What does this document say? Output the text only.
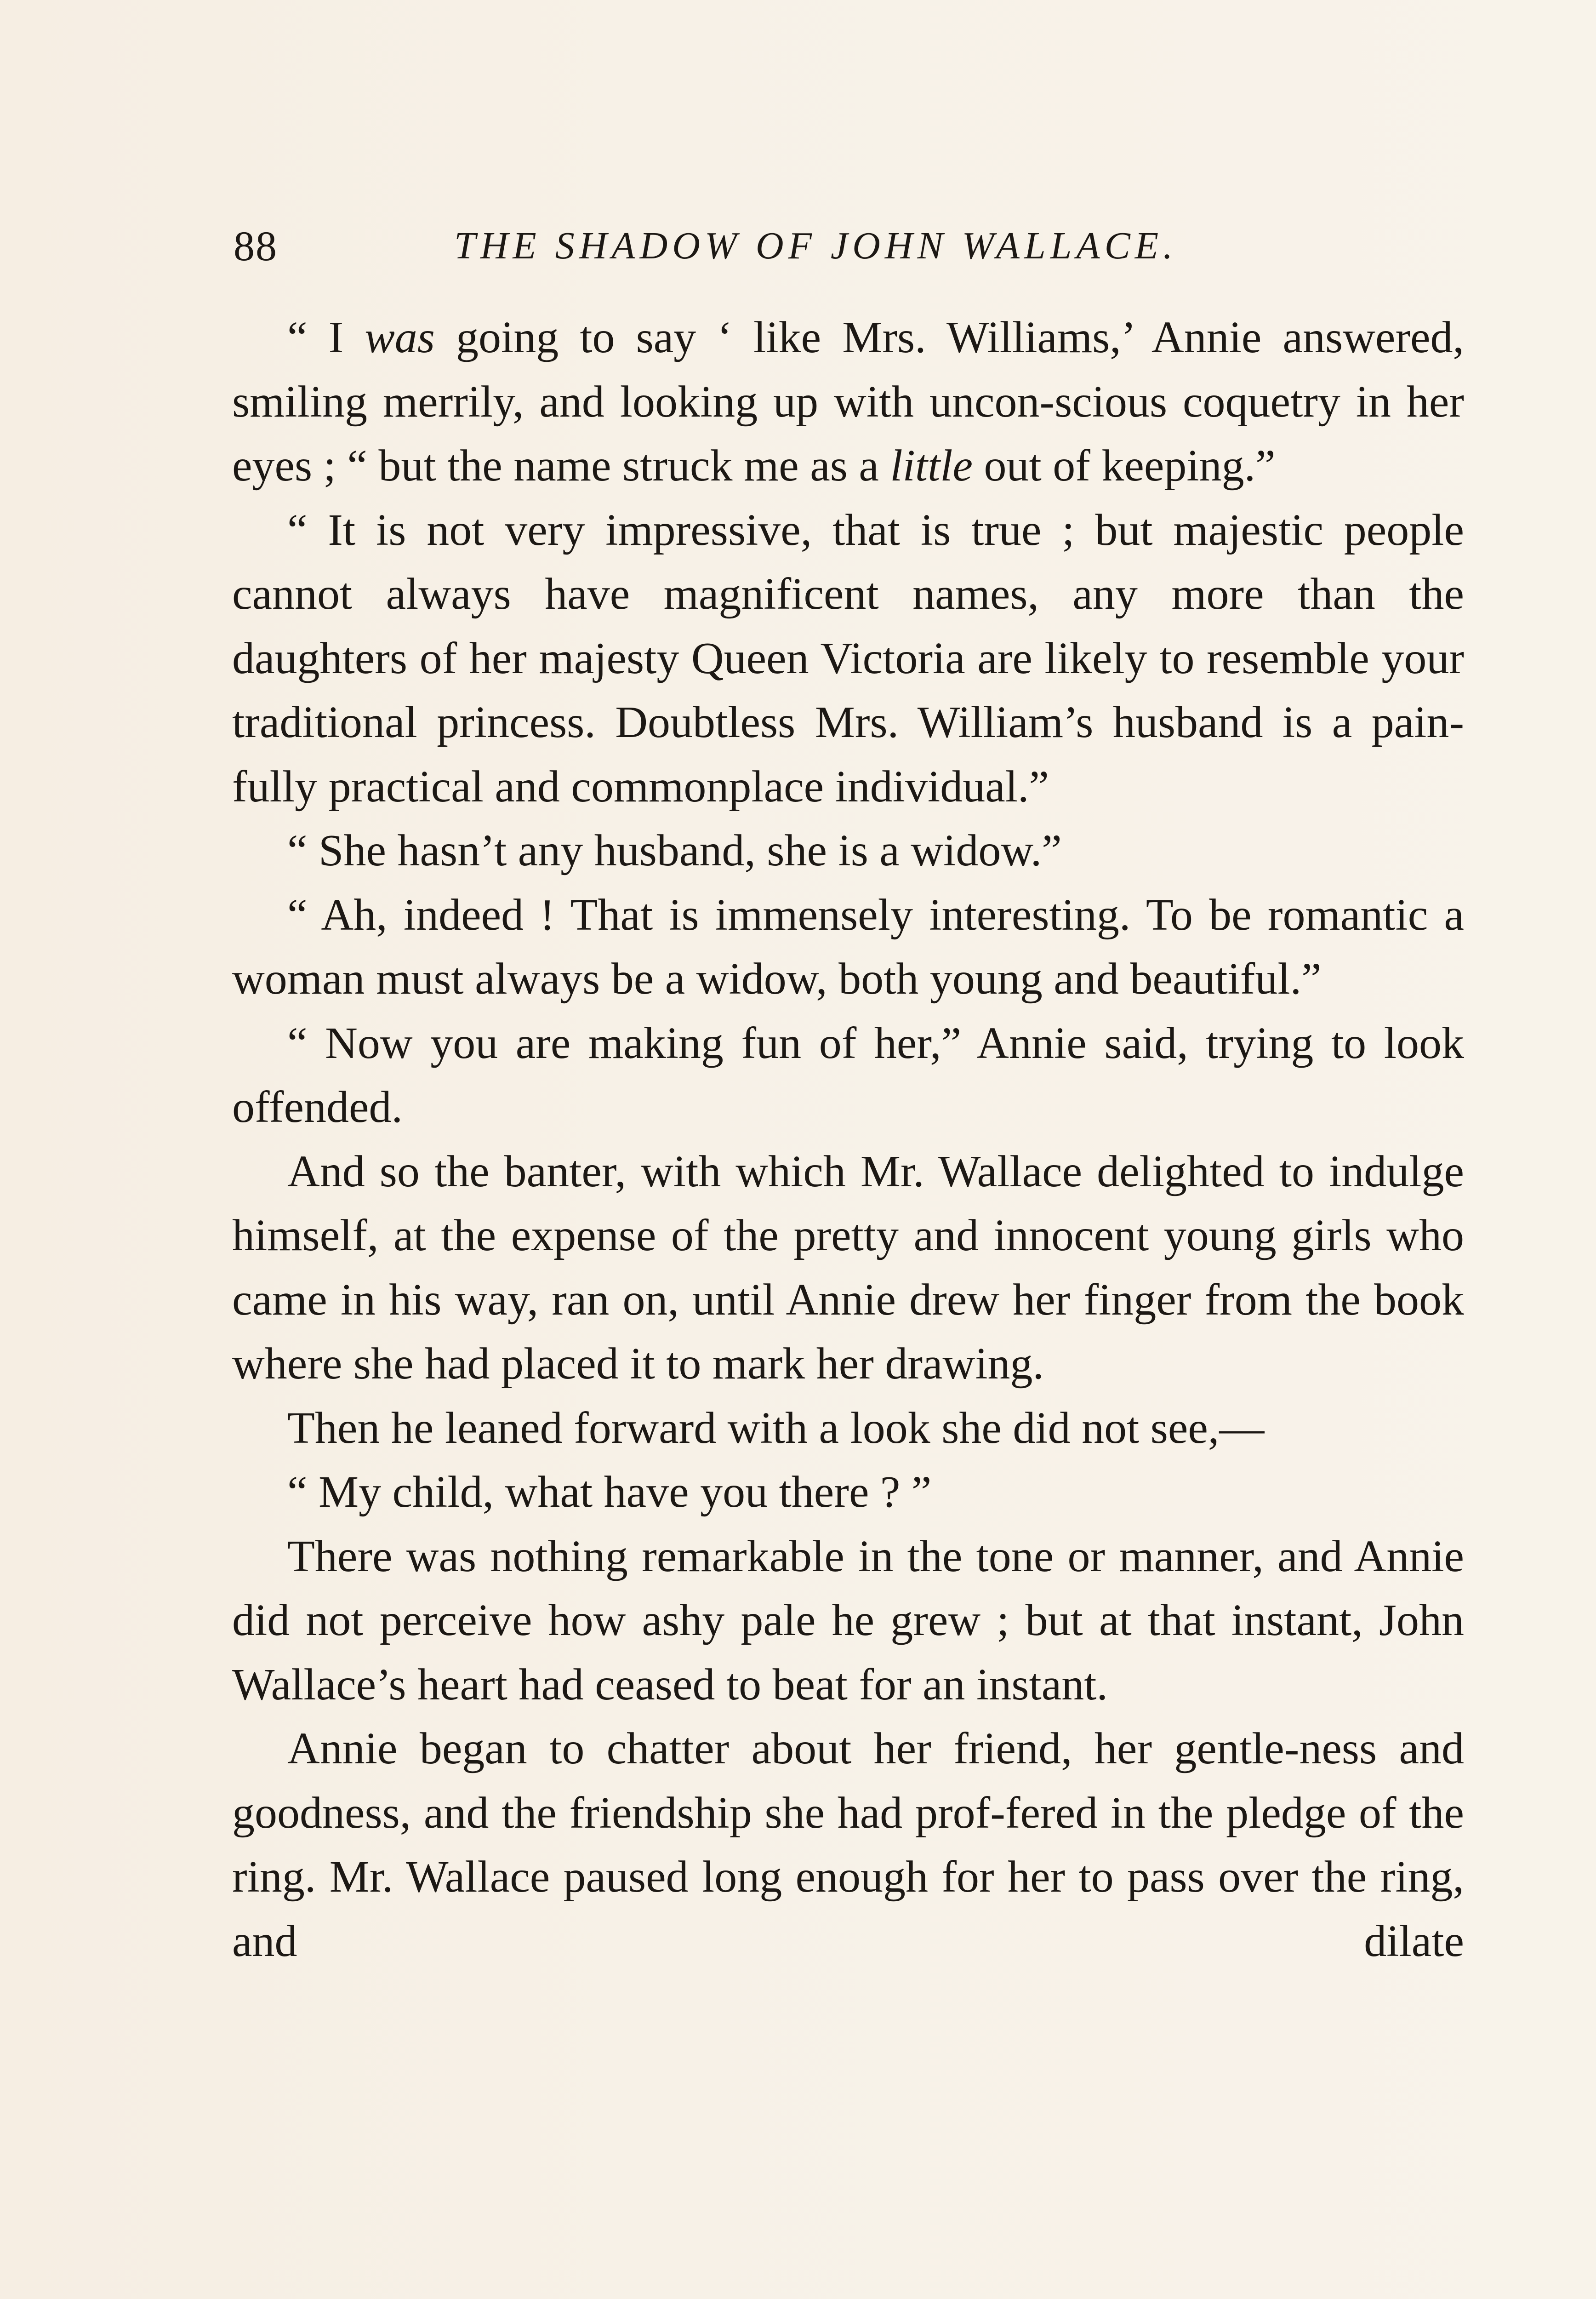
88	THE SHADOW OF JOHN WALLACE.

“ I was going to say ‘ like Mrs. Williams,’ Annie answered, smiling merrily, and looking up with uncon-scious coquetry in her eyes ; “ but the name struck me as a little out of keeping.”

“ It is not very impressive, that is true ; but majestic people cannot always have magnificent names, any more than the daughters of her majesty Queen Victoria are likely to resemble your traditional princess. Doubtless Mrs. William’s husband is a pain-fully practical and commonplace individual.”

“ She hasn’t any husband, she is a widow.”

“ Ah, indeed ! That is immensely interesting. To be romantic a woman must always be a widow, both young and beautiful.”

“ Now you are making fun of her,” Annie said, trying to look offended.

And so the banter, with which Mr. Wallace delighted to indulge himself, at the expense of the pretty and innocent young girls who came in his way, ran on, until Annie drew her finger from the book where she had placed it to mark her drawing.

Then he leaned forward with a look she did not see,—

“ My child, what have you there ? ”

There was nothing remarkable in the tone or manner, and Annie did not perceive how ashy pale he grew ; but at that instant, John Wallace’s heart had ceased to beat for an instant.

Annie began to chatter about her friend, her gentle-ness and goodness, and the friendship she had prof-fered in the pledge of the ring. Mr. Wallace paused long enough for her to pass over the ring, and dilate
